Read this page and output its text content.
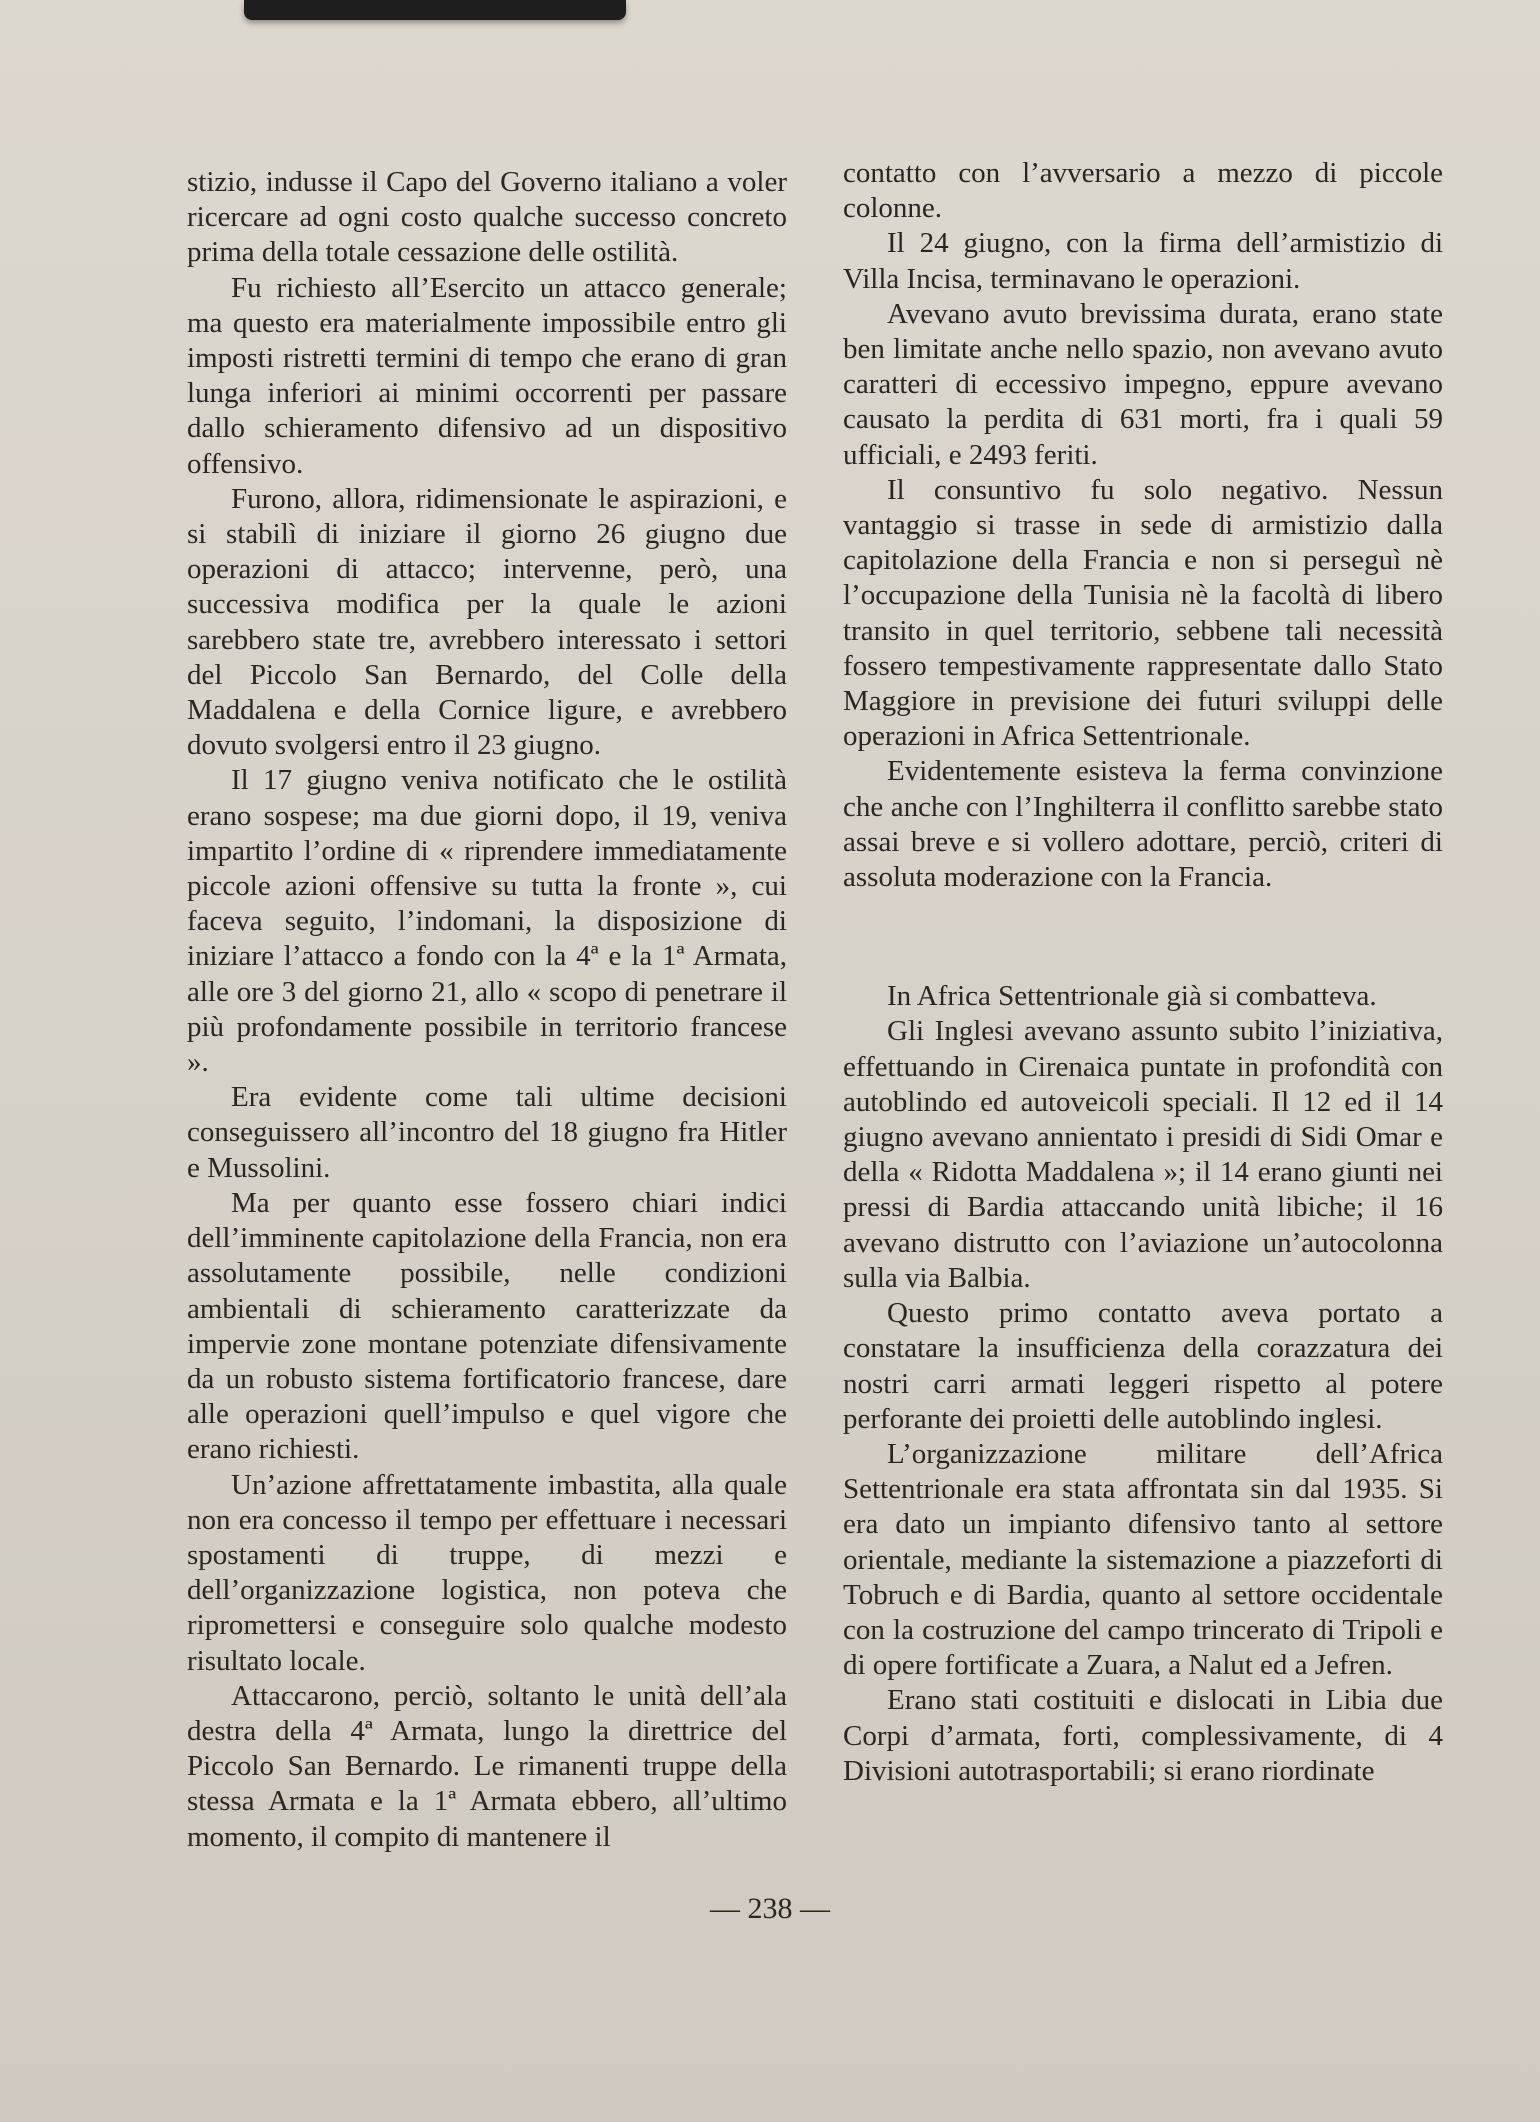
stizio, indusse il Capo del Governo italiano a voler ricercare ad ogni costo qualche successo concreto prima della totale cessazione delle ostilità.

Fu richiesto all’Esercito un attacco generale; ma questo era materialmente impossibile entro gli imposti ristretti termini di tempo che erano di gran lunga inferiori ai minimi occorrenti per passare dallo schieramento difensivo ad un dispositivo offensivo.

Furono, allora, ridimensionate le aspirazioni, e si stabilì di iniziare il giorno 26 giugno due operazioni di attacco; intervenne, però, una successiva modifica per la quale le azioni sarebbero state tre, avrebbero interessato i settori del Piccolo San Bernardo, del Colle della Maddalena e della Cornice ligure, e avrebbero dovuto svolgersi entro il 23 giugno.

Il 17 giugno veniva notificato che le ostilità erano sospese; ma due giorni dopo, il 19, veniva impartito l’ordine di « riprendere immediatamente piccole azioni offensive su tutta la fronte », cui faceva seguito, l’indomani, la disposizione di iniziare l’attacco a fondo con la 4ª e la 1ª Armata, alle ore 3 del giorno 21, allo « scopo di penetrare il più profondamente possibile in territorio francese ».

Era evidente come tali ultime decisioni conseguissero all’incontro del 18 giugno fra Hitler e Mussolini.

Ma per quanto esse fossero chiari indici dell’imminente capitolazione della Francia, non era assolutamente possibile, nelle condizioni ambientali di schieramento caratterizzate da impervie zone montane potenziate difensivamente da un robusto sistema fortificatorio francese, dare alle operazioni quell’impulso e quel vigore che erano richiesti.

Un’azione affrettatamente imbastita, alla quale non era concesso il tempo per effettuare i necessari spostamenti di truppe, di mezzi e dell’organizzazione logistica, non poteva che ripromettersi e conseguire solo qualche modesto risultato locale.

Attaccarono, perciò, soltanto le unità dell’ala destra della 4ª Armata, lungo la direttrice del Piccolo San Bernardo. Le rimanenti truppe della stessa Armata e la 1ª Armata ebbero, all’ultimo momento, il compito di mantenere il

contatto con l’avversario a mezzo di piccole colonne.

Il 24 giugno, con la firma dell’armistizio di Villa Incisa, terminavano le operazioni.

Avevano avuto brevissima durata, erano state ben limitate anche nello spazio, non avevano avuto caratteri di eccessivo impegno, eppure avevano causato la perdita di 631 morti, fra i quali 59 ufficiali, e 2493 feriti.

Il consuntivo fu solo negativo. Nessun vantaggio si trasse in sede di armistizio dalla capitolazione della Francia e non si perseguì nè l’occupazione della Tunisia nè la facoltà di libero transito in quel territorio, sebbene tali necessità fossero tempestivamente rappresentate dallo Stato Maggiore in previsione dei futuri sviluppi delle operazioni in Africa Settentrionale.

Evidentemente esisteva la ferma convinzione che anche con l’Inghilterra il conflitto sarebbe stato assai breve e si vollero adottare, perciò, criteri di assoluta moderazione con la Francia.

In Africa Settentrionale già si combatteva.

Gli Inglesi avevano assunto subito l’iniziativa, effettuando in Cirenaica puntate in profondità con autoblindo ed autoveicoli speciali. Il 12 ed il 14 giugno avevano annientato i presidi di Sidi Omar e della « Ridotta Maddalena »; il 14 erano giunti nei pressi di Bardia attaccando unità libiche; il 16 avevano distrutto con l’aviazione un’autocolonna sulla via Balbia.

Questo primo contatto aveva portato a constatare la insufficienza della corazzatura dei nostri carri armati leggeri rispetto al potere perforante dei proietti delle autoblindo inglesi.

L’organizzazione militare dell’Africa Settentrionale era stata affrontata sin dal 1935. Si era dato un impianto difensivo tanto al settore orientale, mediante la sistemazione a piazzeforti di Tobruch e di Bardia, quanto al settore occidentale con la costruzione del campo trincerato di Tripoli e di opere fortificate a Zuara, a Nalut ed a Jefren.

Erano stati costituiti e dislocati in Libia due Corpi d’armata, forti, complessivamente, di 4 Divisioni autotrasportabili; si erano riordinate

— 238 —
